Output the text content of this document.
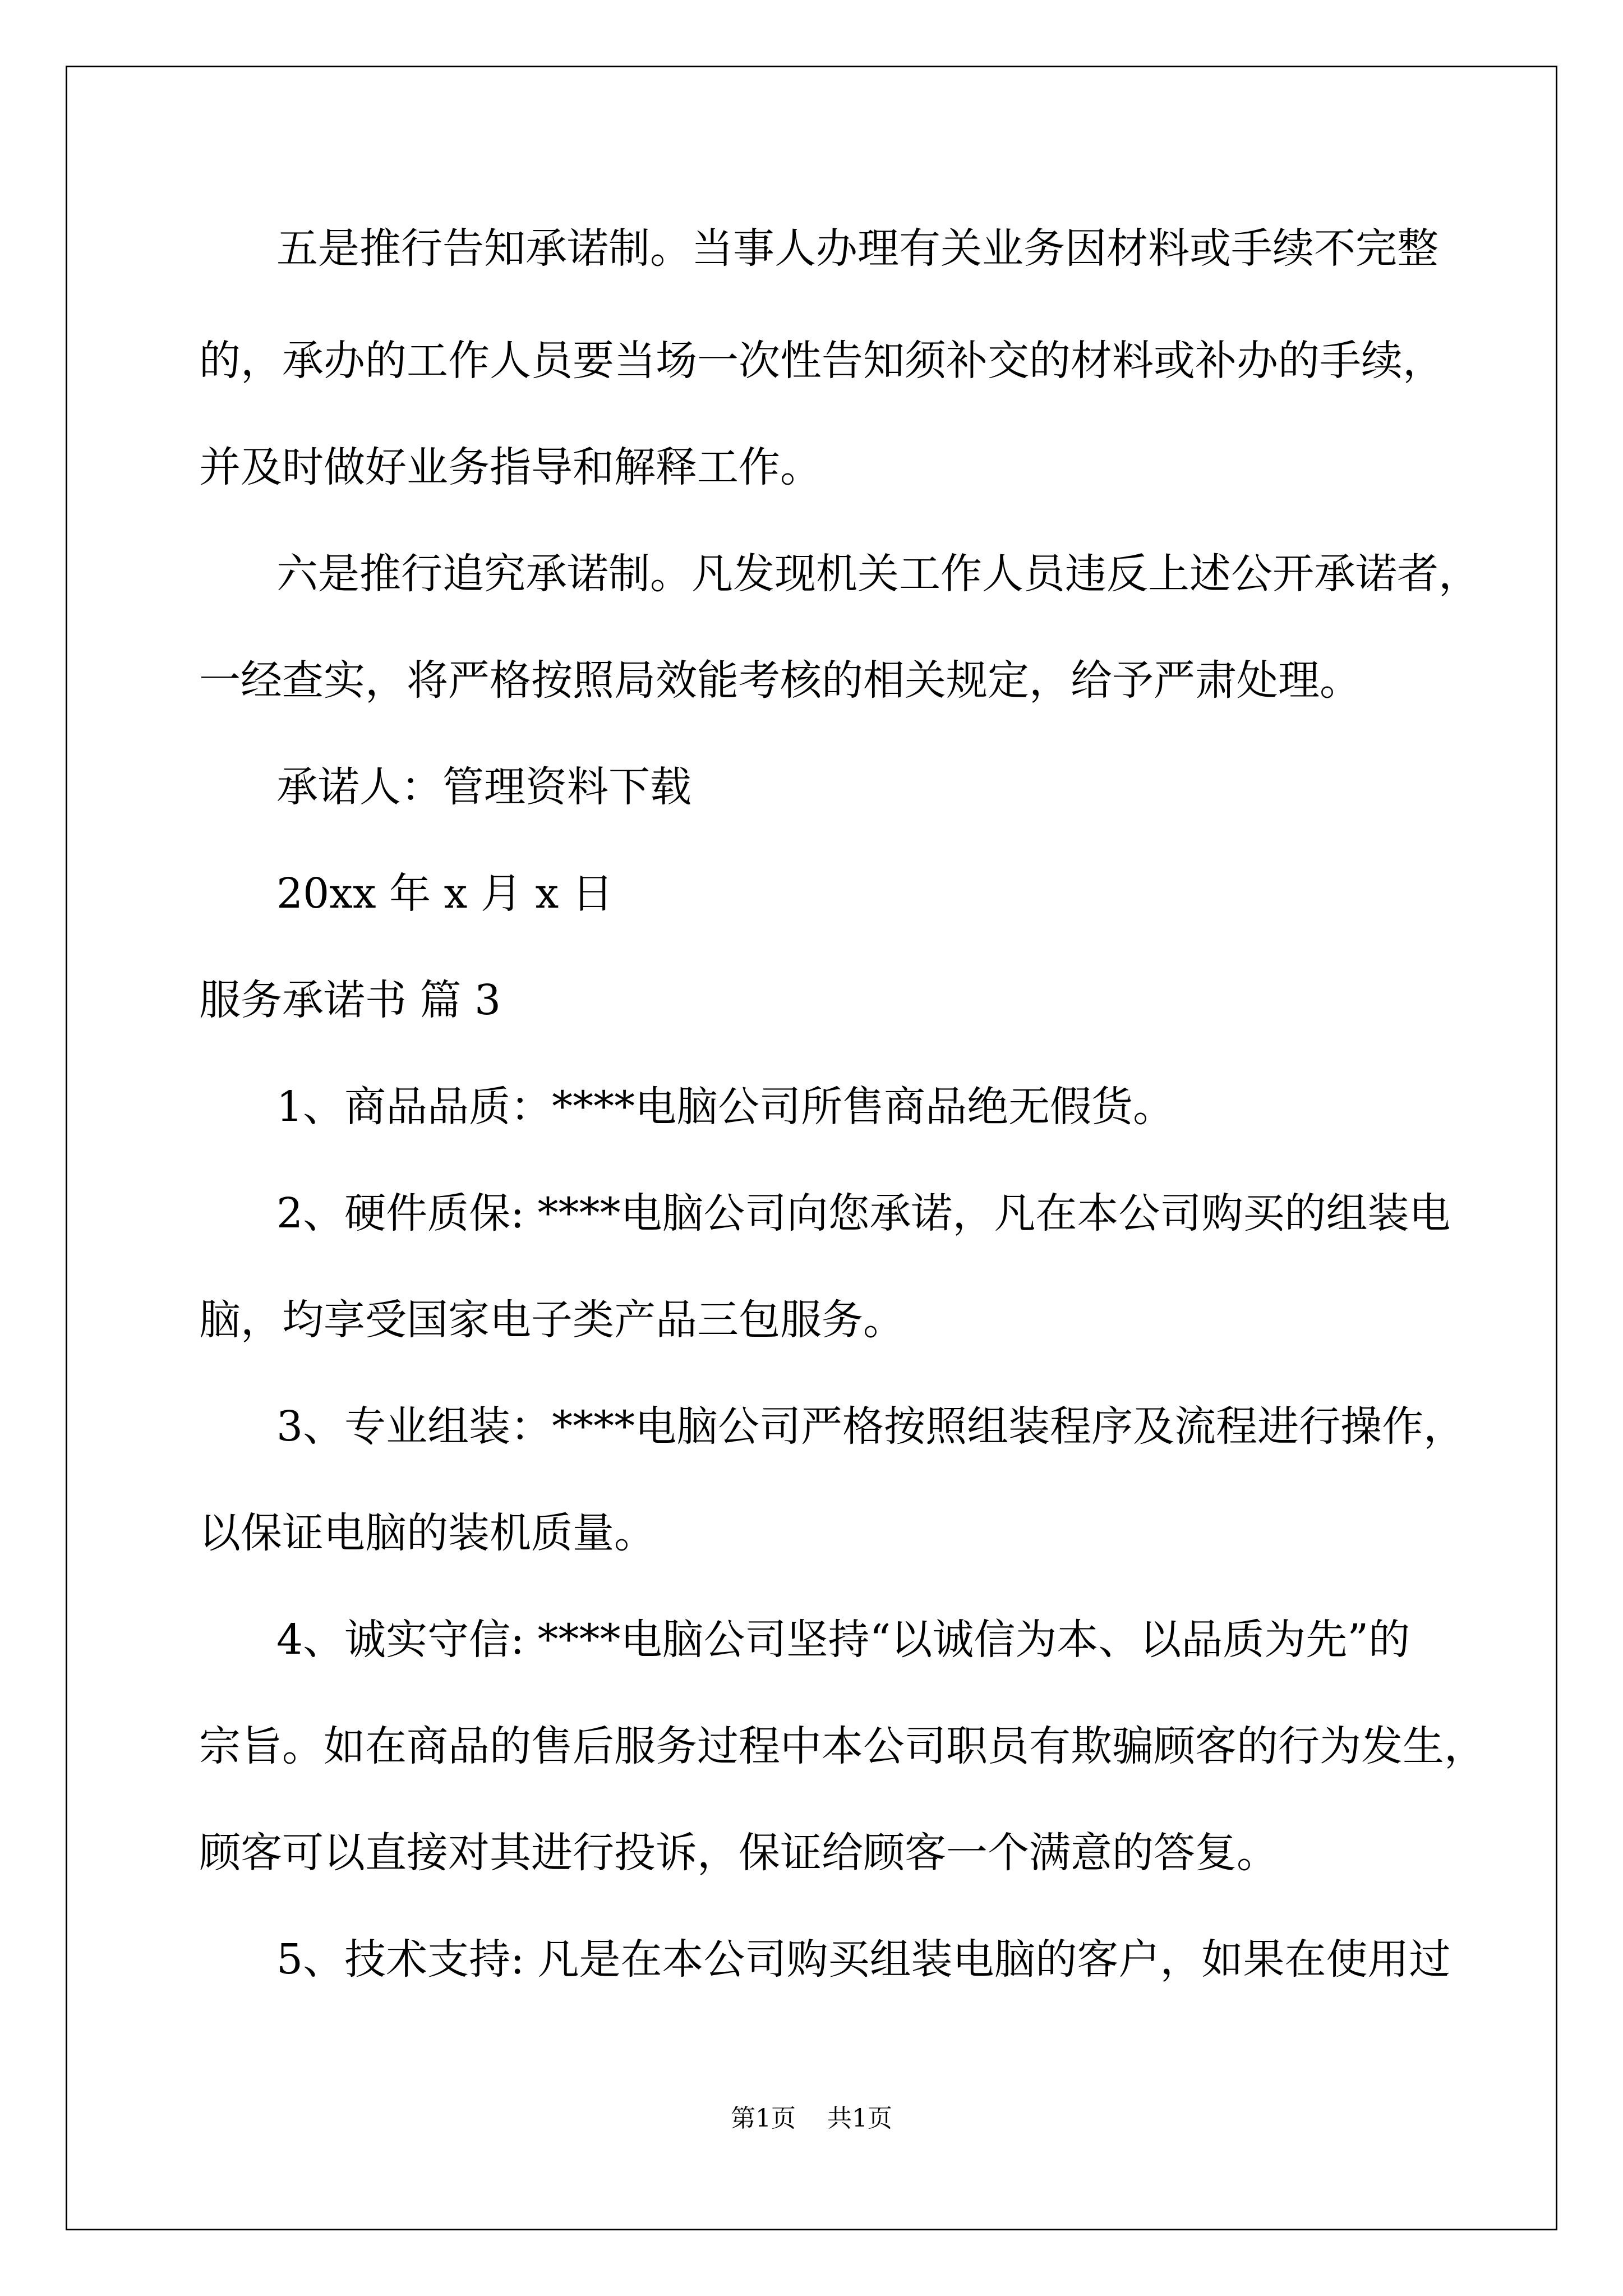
五是推行告知承诺制。当事人办理有关业务因材料或手续不完整
的，承办的工作人员要当场一次性告知须补交的材料或补办的手续，
并及时做好业务指导和解释工作。
六是推行追究承诺制。凡发现机关工作人员违反上述公开承诺者，
一经查实，将严格按照局效能考核的相关规定，给予严肃处理。
承诺人：管理资料下载
20xx 年 x 月 x 日
服务承诺书 篇 3
1、商品品质：****电脑公司所售商品绝无假货。
2、硬件质保: ****电脑公司向您承诺，凡在本公司购买的组装电
脑，均享受国家电子类产品三包服务。
3、专业组装：****电脑公司严格按照组装程序及流程进行操作，
以保证电脑的装机质量。
4、诚实守信: ****电脑公司坚持“以诚信为本、以品质为先”的
宗旨。如在商品的售后服务过程中本公司职员有欺骗顾客的行为发生，
顾客可以直接对其进行投诉，保证给顾客一个满意的答复。
5、技术支持: 凡是在本公司购买组装电脑的客户，如果在使用过
第1页    共1页
